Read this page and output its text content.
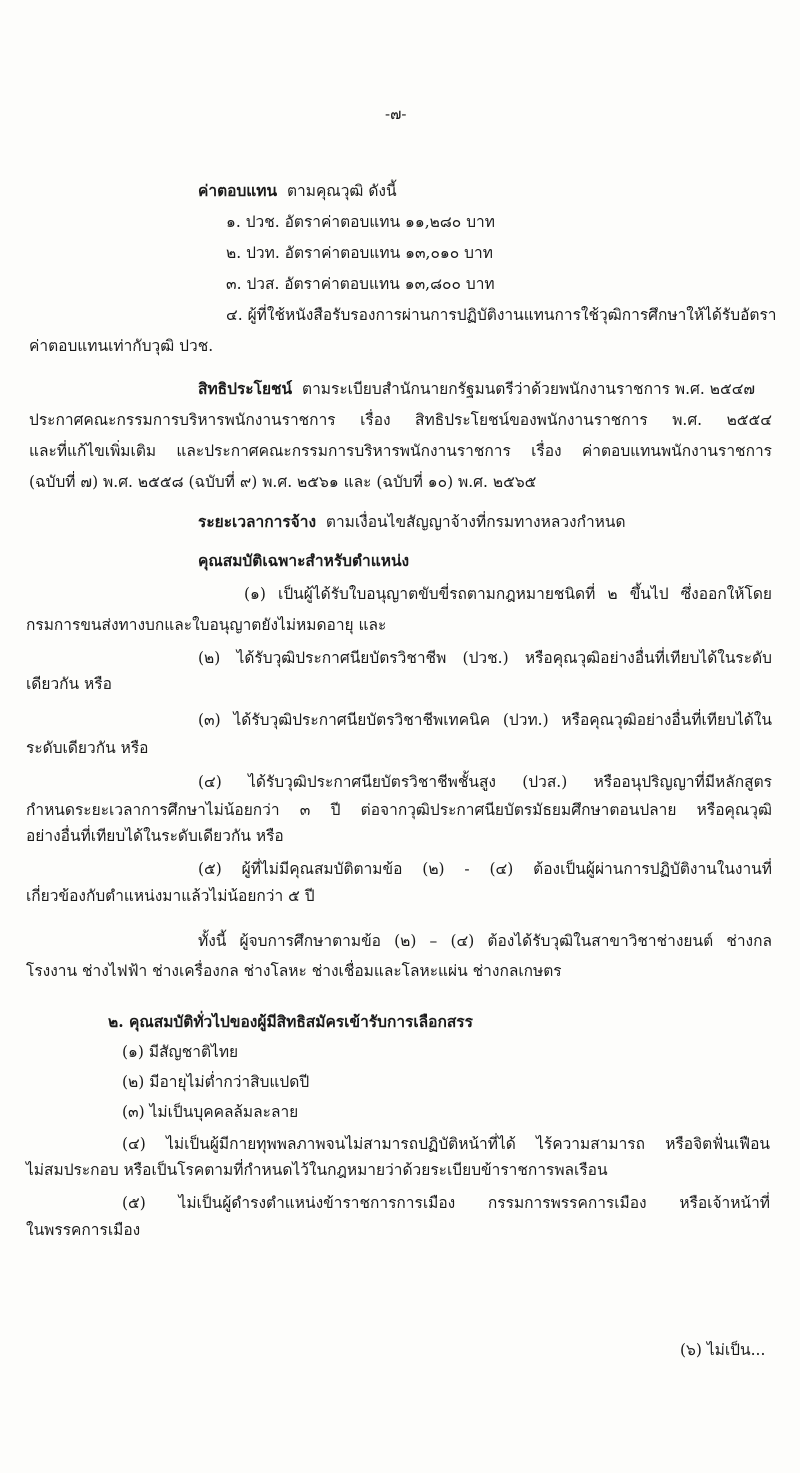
-๗-
ค่าตอบแทน ตามคุณวุฒิ ดังนี้
๑. ปวช. อัตราค่าตอบแทน ๑๑,๒๘๐ บาท
๒. ปวท. อัตราค่าตอบแทน ๑๓,๐๑๐ บาท
๓. ปวส. อัตราค่าตอบแทน ๑๓,๘๐๐ บาท
๔. ผู้ที่ใช้หนังสือรับรองการผ่านการปฏิบัติงานแทนการใช้วุฒิการศึกษาให้ได้รับอัตรา
ค่าตอบแทนเท่ากับวุฒิ ปวช.
สิทธิประโยชน์ ตามระเบียบสำนักนายกรัฐมนตรีว่าด้วยพนักงานราชการ พ.ศ. ๒๕๔๗
ประกาศคณะกรรมการบริหารพนักงานราชการ เรื่อง สิทธิประโยชน์ของพนักงานราชการ พ.ศ. ๒๕๕๔
และที่แก้ไขเพิ่มเติม และประกาศคณะกรรมการบริหารพนักงานราชการ เรื่อง ค่าตอบแทนพนักงานราชการ
(ฉบับที่ ๗) พ.ศ. ๒๕๕๘ (ฉบับที่ ๙) พ.ศ. ๒๕๖๑ และ (ฉบับที่ ๑๐) พ.ศ. ๒๕๖๕
ระยะเวลาการจ้าง ตามเงื่อนไขสัญญาจ้างที่กรมทางหลวงกำหนด
คุณสมบัติเฉพาะสำหรับตำแหน่ง
(๑) เป็นผู้ได้รับใบอนุญาตขับขี่รถตามกฎหมายชนิดที่ ๒ ขึ้นไป ซึ่งออกให้โดย
กรมการขนส่งทางบกและใบอนุญาตยังไม่หมดอายุ และ
(๒) ได้รับวุฒิประกาศนียบัตรวิชาชีพ (ปวช.) หรือคุณวุฒิอย่างอื่นที่เทียบได้ในระดับ
เดียวกัน หรือ
(๓) ได้รับวุฒิประกาศนียบัตรวิชาชีพเทคนิค (ปวท.) หรือคุณวุฒิอย่างอื่นที่เทียบได้ใน
ระดับเดียวกัน หรือ
(๔) ได้รับวุฒิประกาศนียบัตรวิชาชีพชั้นสูง (ปวส.) หรืออนุปริญญาที่มีหลักสูตร
กำหนดระยะเวลาการศึกษาไม่น้อยกว่า ๓ ปี ต่อจากวุฒิประกาศนียบัตรมัธยมศึกษาตอนปลาย หรือคุณวุฒิ
อย่างอื่นที่เทียบได้ในระดับเดียวกัน หรือ
(๕) ผู้ที่ไม่มีคุณสมบัติตามข้อ (๒) - (๔) ต้องเป็นผู้ผ่านการปฏิบัติงานในงานที่
เกี่ยวข้องกับตำแหน่งมาแล้วไม่น้อยกว่า ๕ ปี
ทั้งนี้ ผู้จบการศึกษาตามข้อ (๒) – (๔) ต้องได้รับวุฒิในสาขาวิชาช่างยนต์ ช่างกล
โรงงาน ช่างไฟฟ้า ช่างเครื่องกล ช่างโลหะ ช่างเชื่อมและโลหะแผ่น ช่างกลเกษตร
๒. คุณสมบัติทั่วไปของผู้มีสิทธิสมัครเข้ารับการเลือกสรร
(๑) มีสัญชาติไทย
(๒) มีอายุไม่ต่ำกว่าสิบแปดปี
(๓) ไม่เป็นบุคคลล้มละลาย
(๔) ไม่เป็นผู้มีกายทุพพลภาพจนไม่สามารถปฏิบัติหน้าที่ได้ ไร้ความสามารถ หรือจิตฟั่นเฟือน
ไม่สมประกอบ หรือเป็นโรคตามที่กำหนดไว้ในกฎหมายว่าด้วยระเบียบข้าราชการพลเรือน
(๕) ไม่เป็นผู้ดำรงตำแหน่งข้าราชการการเมือง กรรมการพรรคการเมือง หรือเจ้าหน้าที่
ในพรรคการเมือง
(๖) ไม่เป็น...
